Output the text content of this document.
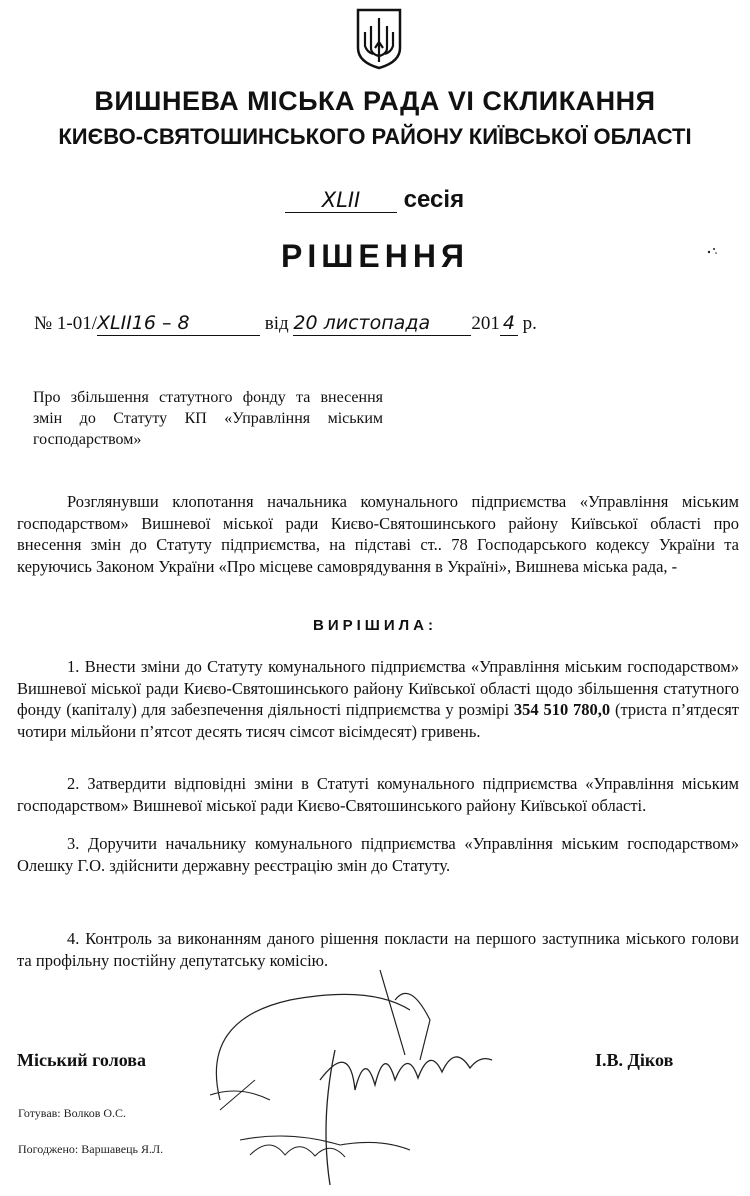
ВИШНЕВА МІСЬКА РАДА VI СКЛИКАННЯ
КИЄВО-СВЯТОШИНСЬКОГО РАЙОНУ КИЇВСЬКОЇ ОБЛАСТІ
XLII сесія
РІШЕННЯ
№ 1-01/XLII16 – 8	від 20 листопада 201 4 р.
Про збільшення статутного фонду та внесення змін до Статуту КП «Управління міським господарством»
Розглянувши клопотання начальника комунального підприємства «Управління міським господарством» Вишневої міської ради Києво-Святошинського району Київської області про внесення змін до Статуту підприємства, на підставі ст.. 78 Господарського кодексу України та керуючись Законом України «Про місцеве самоврядування в Україні», Вишнева міська рада, -
ВИРІШИЛА:
1. Внести зміни до Статуту комунального підприємства «Управління міським господарством» Вишневої міської ради Києво-Святошинського району Київської області щодо збільшення статутного фонду (капіталу) для забезпечення діяльності підприємства у розмірі 354 510 780,0 (триста п’ятдесят чотири мільйони п’ятсот десять тисяч сімсот вісімдесят) гривень.
2. Затвердити відповідні зміни в Статуті комунального підприємства «Управління міським господарством» Вишневої міської ради Києво-Святошинського району Київської області.
3. Доручити начальнику комунального підприємства «Управління міським господарством» Олешку Г.О. здійснити державну реєстрацію змін до Статуту.
4. Контроль за виконанням даного рішення покласти на першого заступника міського голови та профільну постійну депутатську комісію.
Міський голова	І.В. Діков
Готував: Волков О.С.
Погоджено: Варшавець Я.Л.
